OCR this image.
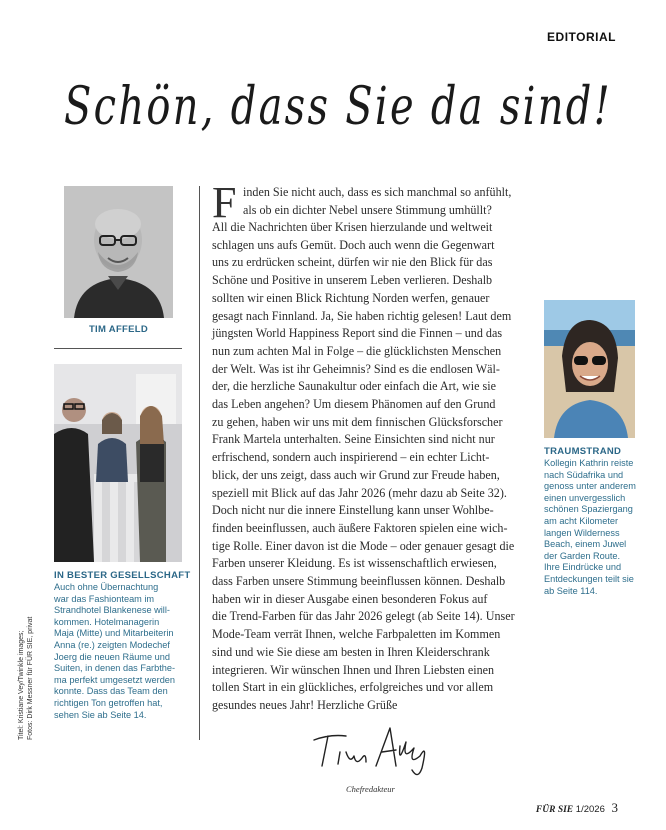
EDITORIAL
Schön, dass Sie da sind!
TIM AFFELD
IN BESTER GESELLSCHAFT
Auch ohne Übernachtung
war das Fashionteam im
Strandhotel Blankenese will-
kommen. Hotelmanagerin
Maja (Mitte) und Mitarbeiterin
Anna (re.) zeigten Modechef
Joerg die neuen Räume und
Suiten, in denen das Farbthe-
ma perfekt umgesetzt werden
konnte. Dass das Team den
richtigen Ton getroffen hat,
sehen Sie ab Seite 14.
Titel: Kristiane Vey/Twinkle images; Fotos: Dirk Messner für FÜR SIE, privat
F inden Sie nicht auch, dass es sich manchmal so anfühlt,
als ob ein dichter Nebel unsere Stimmung umhüllt?
All die Nachrichten über Krisen hierzulande und weltweit
schlagen uns aufs Gemüt. Doch auch wenn die Gegenwart
uns zu erdrücken scheint, dürfen wir nie den Blick für das
Schöne und Positive in unserem Leben verlieren. Deshalb
sollten wir einen Blick Richtung Norden werfen, genauer
gesagt nach Finnland. Ja, Sie haben richtig gelesen! Laut dem
jüngsten World Happiness Report sind die Finnen – und das
nun zum achten Mal in Folge – die glücklichsten Menschen
der Welt. Was ist ihr Geheimnis? Sind es die endlosen Wäl-
der, die herzliche Saunakultur oder einfach die Art, wie sie
das Leben angehen? Um diesem Phänomen auf den Grund
zu gehen, haben wir uns mit dem finnischen Glücksforscher
Frank Martela unterhalten. Seine Einsichten sind nicht nur
erfrischend, sondern auch inspirierend – ein echter Licht-
blick, der uns zeigt, dass auch wir Grund zur Freude haben,
speziell mit Blick auf das Jahr 2026 (mehr dazu ab Seite 32).
Doch nicht nur die innere Einstellung kann unser Wohlbe-
finden beeinflussen, auch äußere Faktoren spielen eine wich-
tige Rolle. Einer davon ist die Mode – oder genauer gesagt die
Farben unserer Kleidung. Es ist wissenschaftlich erwiesen,
dass Farben unsere Stimmung beeinflussen können. Deshalb
haben wir in dieser Ausgabe einen besonderen Fokus auf
die Trend-Farben für das Jahr 2026 gelegt (ab Seite 14). Unser
Mode-Team verrät Ihnen, welche Farbpaletten im Kommen
sind und wie Sie diese am besten in Ihren Kleiderschrank
integrieren. Wir wünschen Ihnen und Ihren Liebsten einen
tollen Start in ein glückliches, erfolgreiches und vor allem
gesundes neues Jahr! Herzliche Grüße
Chefredakteur
TRAUMSTRAND
Kollegin Kathrin reiste
nach Südafrika und
genoss unter anderem
einen unvergesslich
schönen Spaziergang
am acht Kilometer
langen Wilderness
Beach, einem Juwel
der Garden Route.
Ihre Eindrücke und
Entdeckungen teilt sie
ab Seite 114.
FÜR SIE 1/2026 3
